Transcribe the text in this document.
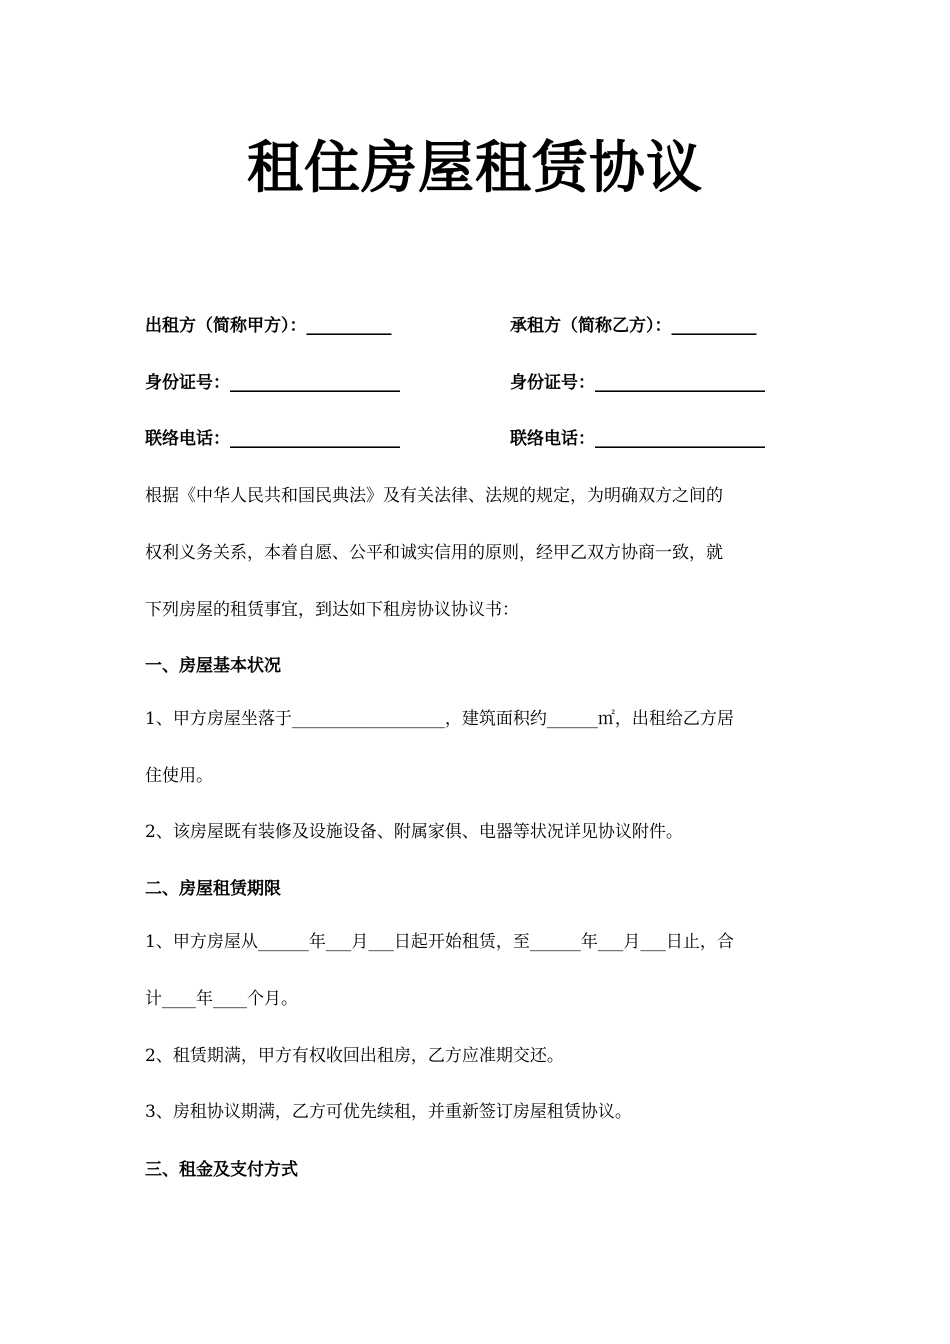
租住房屋租赁协议
出租方（简称甲方）：__________	承租方（简称乙方）：__________
身份证号：____________________	身份证号：____________________
联络电话：____________________	联络电话：____________________
根据《中华人民共和国民典法》及有关法律、法规的规定，为明确双方之间的
权利义务关系，本着自愿、公平和诚实信用的原则，经甲乙双方协商一致，就
下列房屋的租赁事宜，到达如下租房协议协议书：
一、房屋基本状况
1、甲方房屋坐落于__________________，建筑面积约______㎡，出租给乙方居
住使用。
2、该房屋既有装修及设施设备、附属家俱、电器等状况详见协议附件。
二、房屋租赁期限
1、甲方房屋从______年___月___日起开始租赁，至______年___月___日止，合
计____年____个月。
2、租赁期满，甲方有权收回出租房，乙方应准期交还。
3、房租协议期满，乙方可优先续租，并重新签订房屋租赁协议。
三、租金及支付方式
